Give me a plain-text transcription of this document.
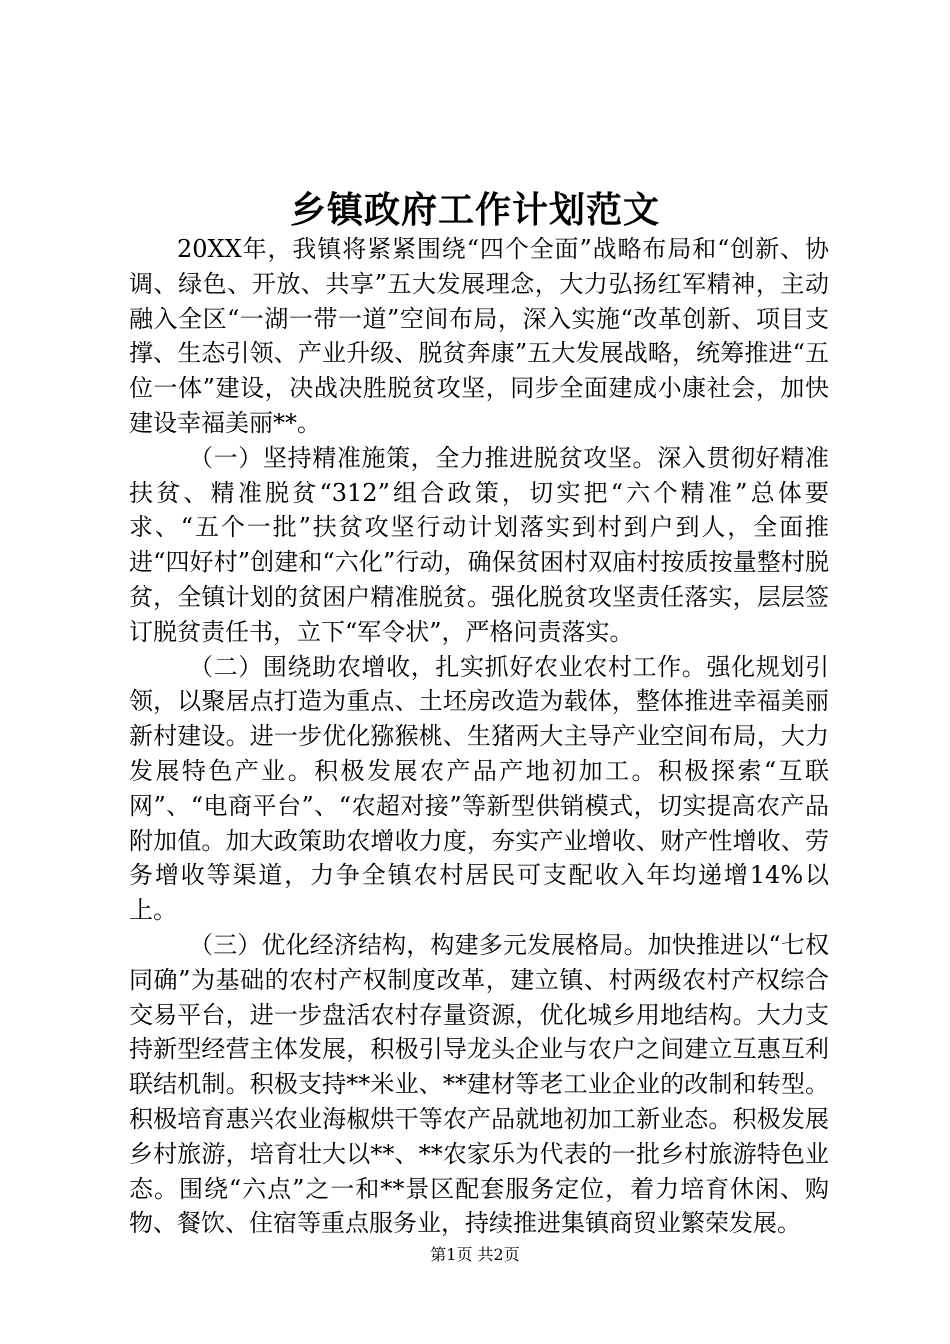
乡镇政府工作计划范文

20XX年，我镇将紧紧围绕“四个全面”战略布局和“创新、协调、绿色、开放、共享”五大发展理念，大力弘扬红军精神，主动融入全区“一湖一带一道”空间布局，深入实施“改革创新、项目支撑、生态引领、产业升级、脱贫奔康”五大发展战略，统筹推进“五位一体”建设，决战决胜脱贫攻坚，同步全面建成小康社会，加快建设幸福美丽**。

（一）坚持精准施策，全力推进脱贫攻坚。深入贯彻好精准扶贫、精准脱贫“312”组合政策，切实把“六个精准”总体要求、“五个一批”扶贫攻坚行动计划落实到村到户到人，全面推进“四好村”创建和“六化”行动，确保贫困村双庙村按质按量整村脱贫，全镇计划的贫困户精准脱贫。强化脱贫攻坚责任落实，层层签订脱贫责任书，立下“军令状”，严格问责落实。

（二）围绕助农增收，扎实抓好农业农村工作。强化规划引领，以聚居点打造为重点、土坯房改造为载体，整体推进幸福美丽新村建设。进一步优化猕猴桃、生猪两大主导产业空间布局，大力发展特色产业。积极发展农产品产地初加工。积极探索“互联网”、“电商平台”、“农超对接”等新型供销模式，切实提高农产品附加值。加大政策助农增收力度，夯实产业增收、财产性增收、劳务增收等渠道，力争全镇农村居民可支配收入年均递增14%以上。

（三）优化经济结构，构建多元发展格局。加快推进以“七权同确”为基础的农村产权制度改革，建立镇、村两级农村产权综合交易平台，进一步盘活农村存量资源，优化城乡用地结构。大力支持新型经营主体发展，积极引导龙头企业与农户之间建立互惠互利联结机制。积极支持**米业、**建材等老工业企业的改制和转型。积极培育惠兴农业海椒烘干等农产品就地初加工新业态。积极发展乡村旅游，培育壮大以**、**农家乐为代表的一批乡村旅游特色业态。围绕“六点”之一和**景区配套服务定位，着力培育休闲、购物、餐饮、住宿等重点服务业，持续推进集镇商贸业繁荣发展。

第1页 共2页
